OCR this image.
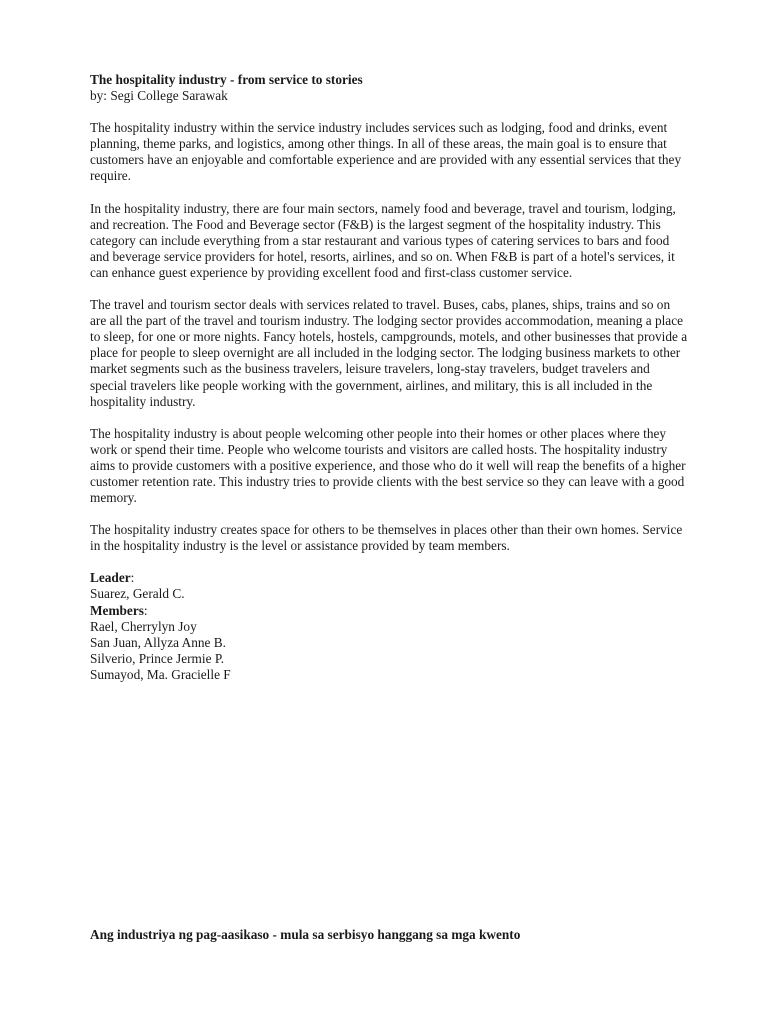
The hospitality industry - from service to stories
by: Segi College Sarawak

The hospitality industry within the service industry includes services such as lodging, food and drinks, event planning, theme parks, and logistics, among other things. In all of these areas, the main goal is to ensure that customers have an enjoyable and comfortable experience and are provided with any essential services that they require.

In the hospitality industry, there are four main sectors, namely food and beverage, travel and tourism, lodging, and recreation. The Food and Beverage sector (F&B) is the largest segment of the hospitality industry. This category can include everything from a star restaurant and various types of catering services to bars and food and beverage service providers for hotel, resorts, airlines, and so on. When F&B is part of a hotel's services, it can enhance guest experience by providing excellent food and first-class customer service.

The travel and tourism sector deals with services related to travel. Buses, cabs, planes, ships, trains and so on are all the part of the travel and tourism industry. The lodging sector provides accommodation, meaning a place to sleep, for one or more nights. Fancy hotels, hostels, campgrounds, motels, and other businesses that provide a place for people to sleep overnight are all included in the lodging sector. The lodging business markets to other market segments such as the business travelers, leisure travelers, long-stay travelers, budget travelers and special travelers like people working with the government, airlines, and military, this is all included in the hospitality industry.

The hospitality industry is about people welcoming other people into their homes or other places where they work or spend their time. People who welcome tourists and visitors are called hosts. The hospitality industry aims to provide customers with a positive experience, and those who do it well will reap the benefits of a higher customer retention rate. This industry tries to provide clients with the best service so they can leave with a good memory.

The hospitality industry creates space for others to be themselves in places other than their own homes. Service in the hospitality industry is the level or assistance provided by team members.

Leader:
Suarez, Gerald C.
Members:
Rael, Cherrylyn Joy
San Juan, Allyza Anne B.
Silverio, Prince Jermie P.
Sumayod, Ma. Gracielle F
Ang industriya ng pag-aasikaso - mula sa serbisyo hanggang sa mga kwento
